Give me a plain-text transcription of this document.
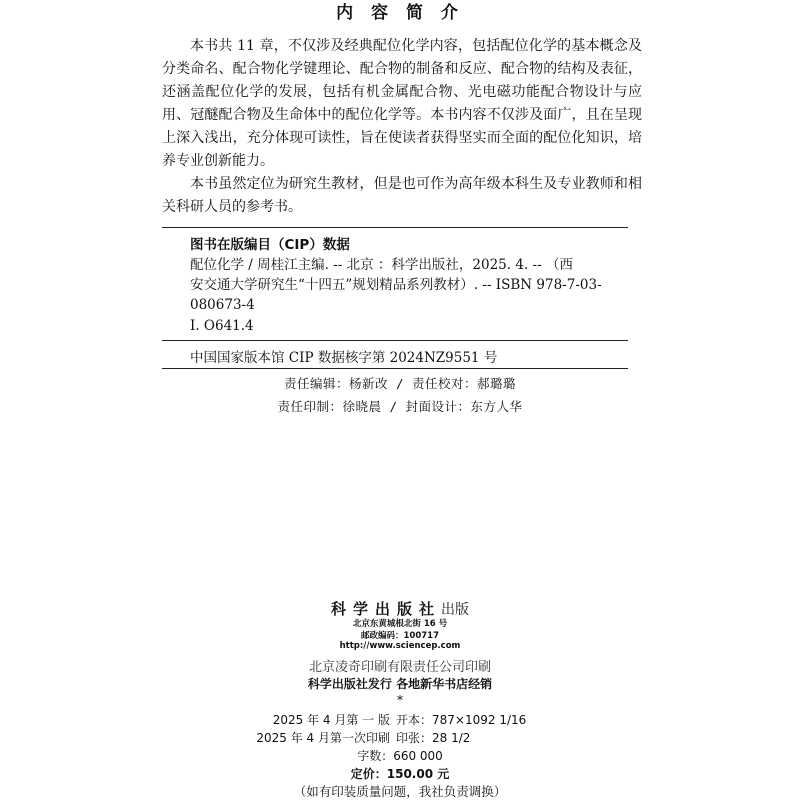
内 容 简 介

本书共 11 章，不仅涉及经典配位化学内容，包括配位化学的基本概念及分类命名、配合物化学键理论、配合物的制备和反应、配合物的结构及表征，还涵盖配位化学的发展，包括有机金属配合物、光电磁功能配合物设计与应用、冠醚配合物及生命体中的配位化学等。本书内容不仅涉及面广，且在呈现上深入浅出，充分体现可读性，旨在使读者获得坚实而全面的配位化知识，培养专业创新能力。

本书虽然定位为研究生教材，但是也可作为高年级本科生及专业教师和相关科研人员的参考书。

图书在版编目（CIP）数据
配位化学 / 周桂江主编. -- 北京 ：科学出版社，2025. 4. -- （西
安交通大学研究生“十四五”规划精品系列教材）. -- ISBN 978-7-03-
080673-4
Ⅰ. O641.4
中国国家版本馆 CIP 数据核字第 2024NZ9551 号
责任编辑：杨新改 / 责任校对：郝璐璐
责任印制：徐晓晨 / 封面设计：东方人华
科学出版社出版
北京东黄城根北街 16 号
邮政编码：100717
http://www.sciencep.com
北京凌奇印刷有限责任公司印刷
科学出版社发行 各地新华书店经销
*
2025 年 4 月第 一 版 开本：787×1092 1/16
2025 年 4 月第一次印刷 印张：28 1/2
字数：660 000
定价：150.00 元
（如有印装质量问题，我社负责调换）
